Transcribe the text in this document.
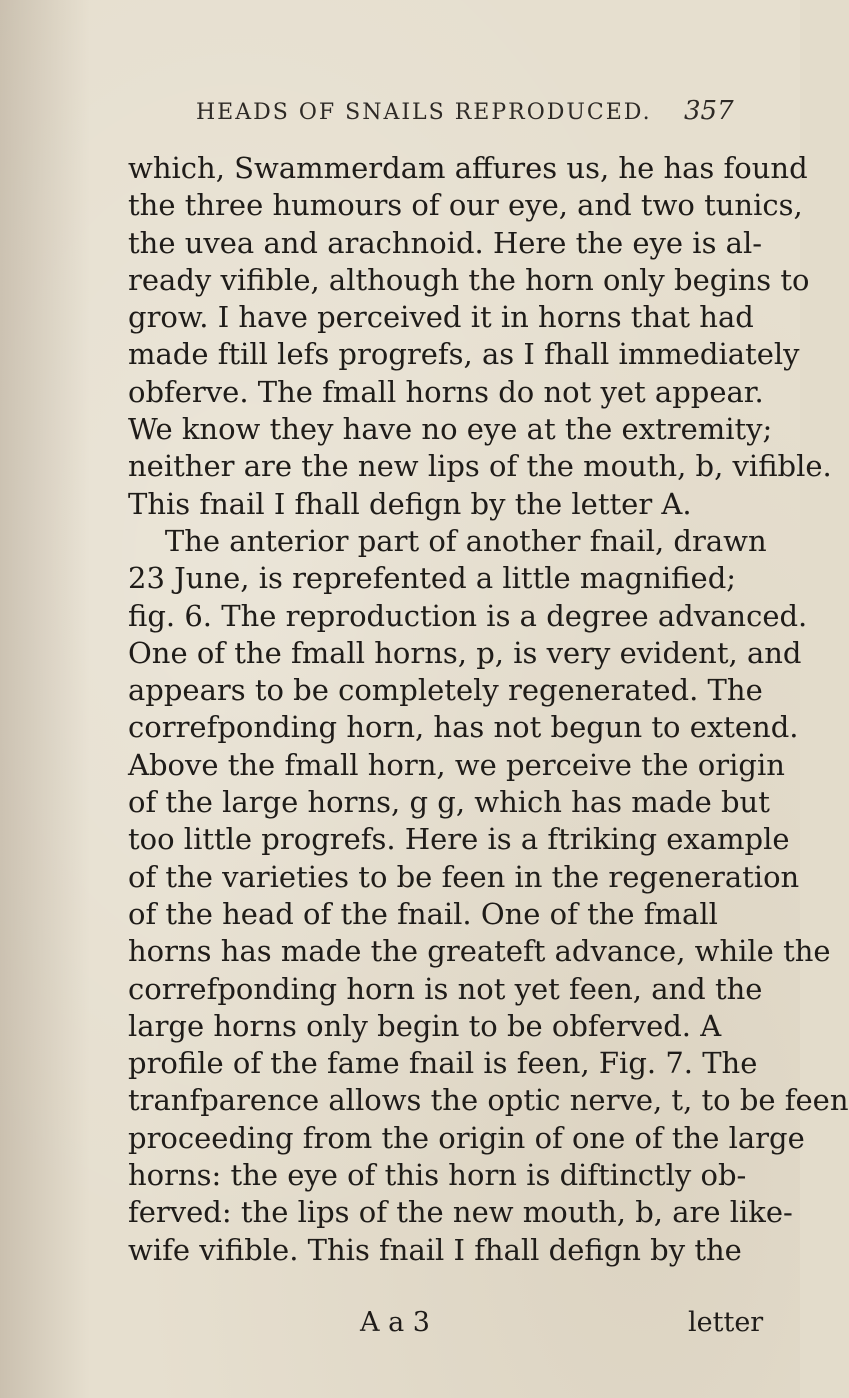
HEADS OF SNAILS REPRODUCED. 357
which, Swammerdam affures us, he has found
the three humours of our eye, and two tunics,
the uvea and arachnoid. Here the eye is al-
ready vifible, although the horn only begins to
grow. I have perceived it in horns that had
made ftill lefs progrefs, as I fhall immediately
obferve. The fmall horns do not yet appear.
We know they have no eye at the extremity;
neither are the new lips of the mouth, b, vifible.
This fnail I fhall defign by the letter A.
The anterior part of another fnail, drawn
23 June, is reprefented a little magnified;
fig. 6. The reproduction is a degree advanced.
One of the fmall horns, p, is very evident, and
appears to be completely regenerated. The
correfponding horn, has not begun to extend.
Above the fmall horn, we perceive the origin
of the large horns, g g, which has made but
too little progrefs. Here is a ftriking example
of the varieties to be feen in the regeneration
of the head of the fnail. One of the fmall
horns has made the greateft advance, while the
correfponding horn is not yet feen, and the
large horns only begin to be obferved. A
profile of the fame fnail is feen, Fig. 7. The
tranfparence allows the optic nerve, t, to be feen
proceeding from the origin of one of the large
horns: the eye of this horn is diftinctly ob-
ferved: the lips of the new mouth, b, are like-
wife vifible. This fnail I fhall defign by the
A a 3	letter
